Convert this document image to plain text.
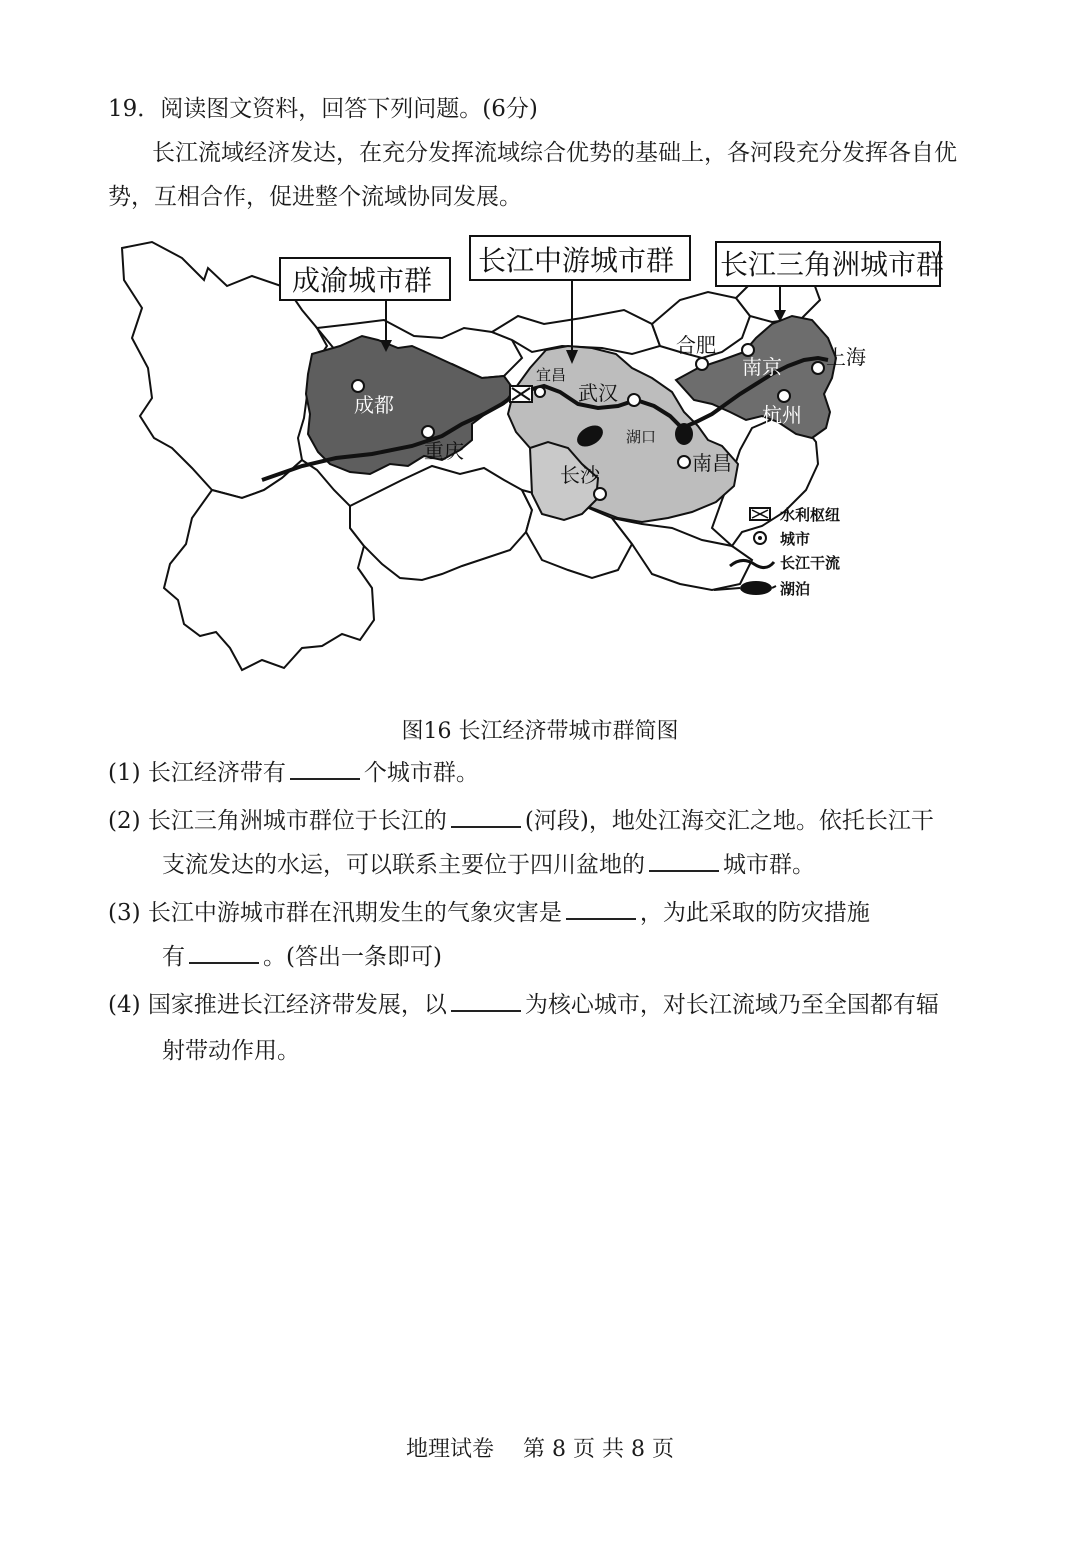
19．阅读图文资料，回答下列问题。(6分)
长江流域经济发达，在充分发挥流域综合优势的基础上，各河段充分发挥各自优
势，互相合作，促进整个流域协同发展。
成都
重庆
宜昌
武汉
湖口
长沙	南昌
合肥
南京 上海
杭州
成渝城市群
长江中游城市群 长江三角洲城市群
水利枢纽
城市
长江干流
湖泊
图16 长江经济带城市群简图
(1) 长江经济带有	个城市群。
(2) 长江三角洲城市群位于长江的	(河段)，地处江海交汇之地。依托长江干
支流发达的水运，可以联系主要位于四川盆地的	城市群。
(3) 长江中游城市群在汛期发生的气象灾害是	，为此采取的防灾措施
有	。(答出一条即可)
(4) 国家推进长江经济带发展，以	为核心城市，对长江流域乃至全国都有辐
射带动作用。
地理试卷　 第 8 页 共 8 页
